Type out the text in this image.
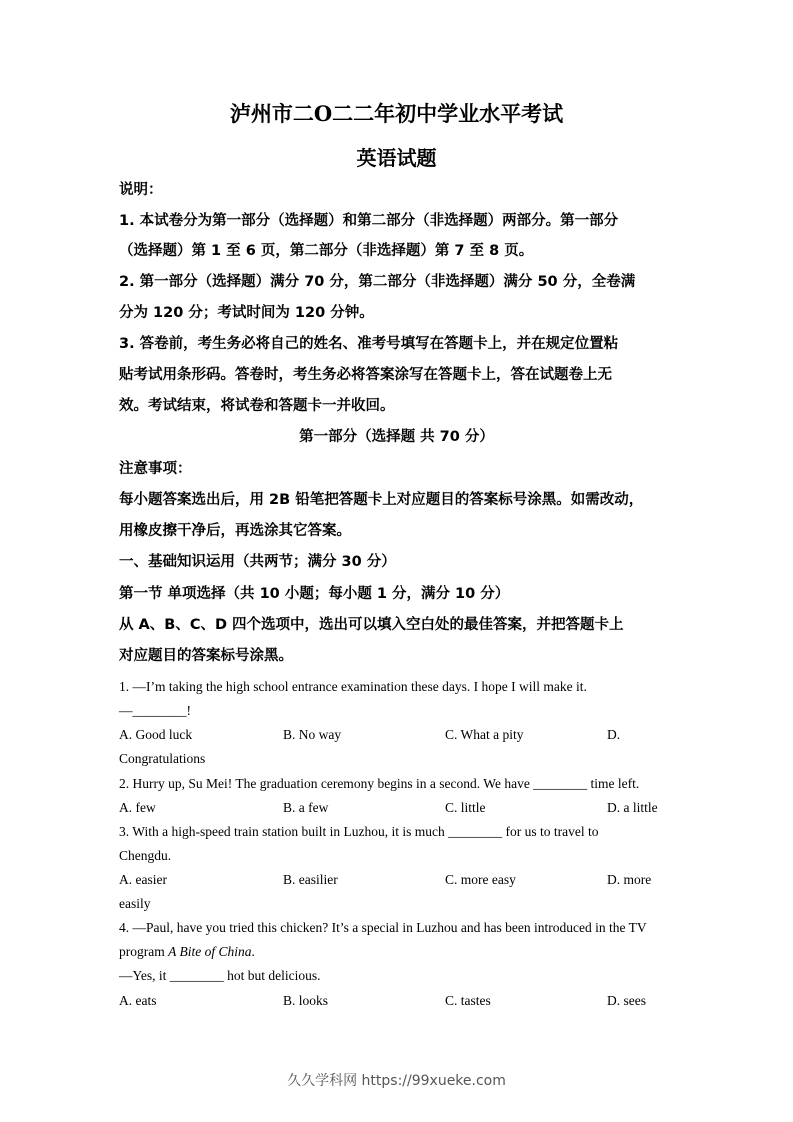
泸州市二O二二年初中学业水平考试
英语试题
说明：
1. 本试卷分为第一部分（选择题）和第二部分（非选择题）两部分。第一部分
（选择题）第 1 至 6 页，第二部分（非选择题）第 7 至 8 页。
2. 第一部分（选择题）满分 70 分，第二部分（非选择题）满分 50 分，全卷满
分为 120 分；考试时间为 120 分钟。
3. 答卷前，考生务必将自己的姓名、准考号填写在答题卡上，并在规定位置粘
贴考试用条形码。答卷时，考生务必将答案涂写在答题卡上，答在试题卷上无
效。考试结束，将试卷和答题卡一并收回。
第一部分（选择题 共 70 分）
注意事项：
每小题答案选出后，用 2B 铅笔把答题卡上对应题目的答案标号涂黑。如需改动，
用橡皮擦干净后，再选涂其它答案。
一、基础知识运用（共两节；满分 30 分）
第一节 单项选择（共 10 小题；每小题 1 分，满分 10 分）
从 A、B、C、D 四个选项中，选出可以填入空白处的最佳答案，并把答题卡上
对应题目的答案标号涂黑。
1. —I’m taking the high school entrance examination these days. I hope I will make it.
—________!
A. Good luck	B. No way	C. What a pity	D.
Congratulations
2. Hurry up, Su Mei! The graduation ceremony begins in a second. We have ________ time left.
A. few	B. a few	C. little	D. a little
3. With a high-speed train station built in Luzhou, it is much ________ for us to travel to
Chengdu.
A. easier	B. easilier	C. more easy	D. more
easily
4. —Paul, have you tried this chicken? It’s a special in Luzhou and has been introduced in the TV
program A Bite of China.
—Yes, it ________ hot but delicious.
A. eats	B. looks	C. tastes	D. sees
久久学科网 https://99xueke.com
